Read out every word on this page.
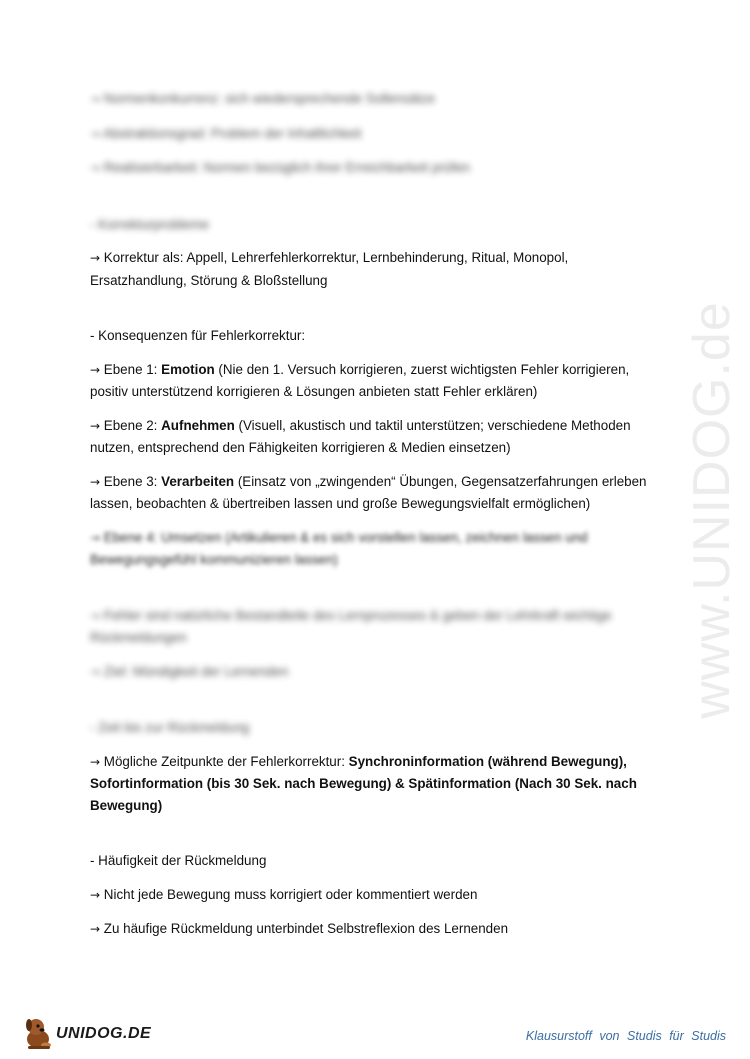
www.UNIDOG.de

→ Normenkonkurrenz: sich wiedersprechende Sollensätze

→ Abstraktionsgrad: Problem der Inhaltlichkeit

→ Realisierbarkeit: Normen bezüglich ihrer Erreichbarkeit prüfen

- Korrekturprobleme

→ Korrektur als: Appell, Lehrerfehlerkorrektur, Lernbehinderung, Ritual, Monopol, Ersatzhandlung, Störung & Bloßstellung

- Konsequenzen für Fehlerkorrektur:

→ Ebene 1: Emotion (Nie den 1. Versuch korrigieren, zuerst wichtigsten Fehler korrigieren, positiv unterstützend korrigieren & Lösungen anbieten statt Fehler erklären)

→ Ebene 2: Aufnehmen (Visuell, akustisch und taktil unterstützen; verschiedene Methoden nutzen, entsprechend den Fähigkeiten korrigieren & Medien einsetzen)

→ Ebene 3: Verarbeiten (Einsatz von „zwingenden“ Übungen, Gegensatzerfahrungen erleben lassen, beobachten & übertreiben lassen und große Bewegungsvielfalt ermöglichen)

→ Ebene 4: Umsetzen (Artikulieren & es sich vorstellen lassen, zeichnen lassen und Bewegungsgefühl kommunizieren lassen)

→ Fehler sind natürliche Bestandteile des Lernprozesses & geben der Lehrkraft wichtige Rückmeldungen

→ Ziel: Mündigkeit der Lernenden

- Zeit bis zur Rückmeldung

→ Mögliche Zeitpunkte der Fehlerkorrektur: Synchroninformation (während Bewegung), Sofortinformation (bis 30 Sek. nach Bewegung) & Spätinformation (Nach 30 Sek. nach Bewegung)

- Häufigkeit der Rückmeldung

→ Nicht jede Bewegung muss korrigiert oder kommentiert werden

→ Zu häufige Rückmeldung unterbindet Selbstreflexion des Lernenden

UNIDOG.DE	Klausurstoff von Studis für Studis
